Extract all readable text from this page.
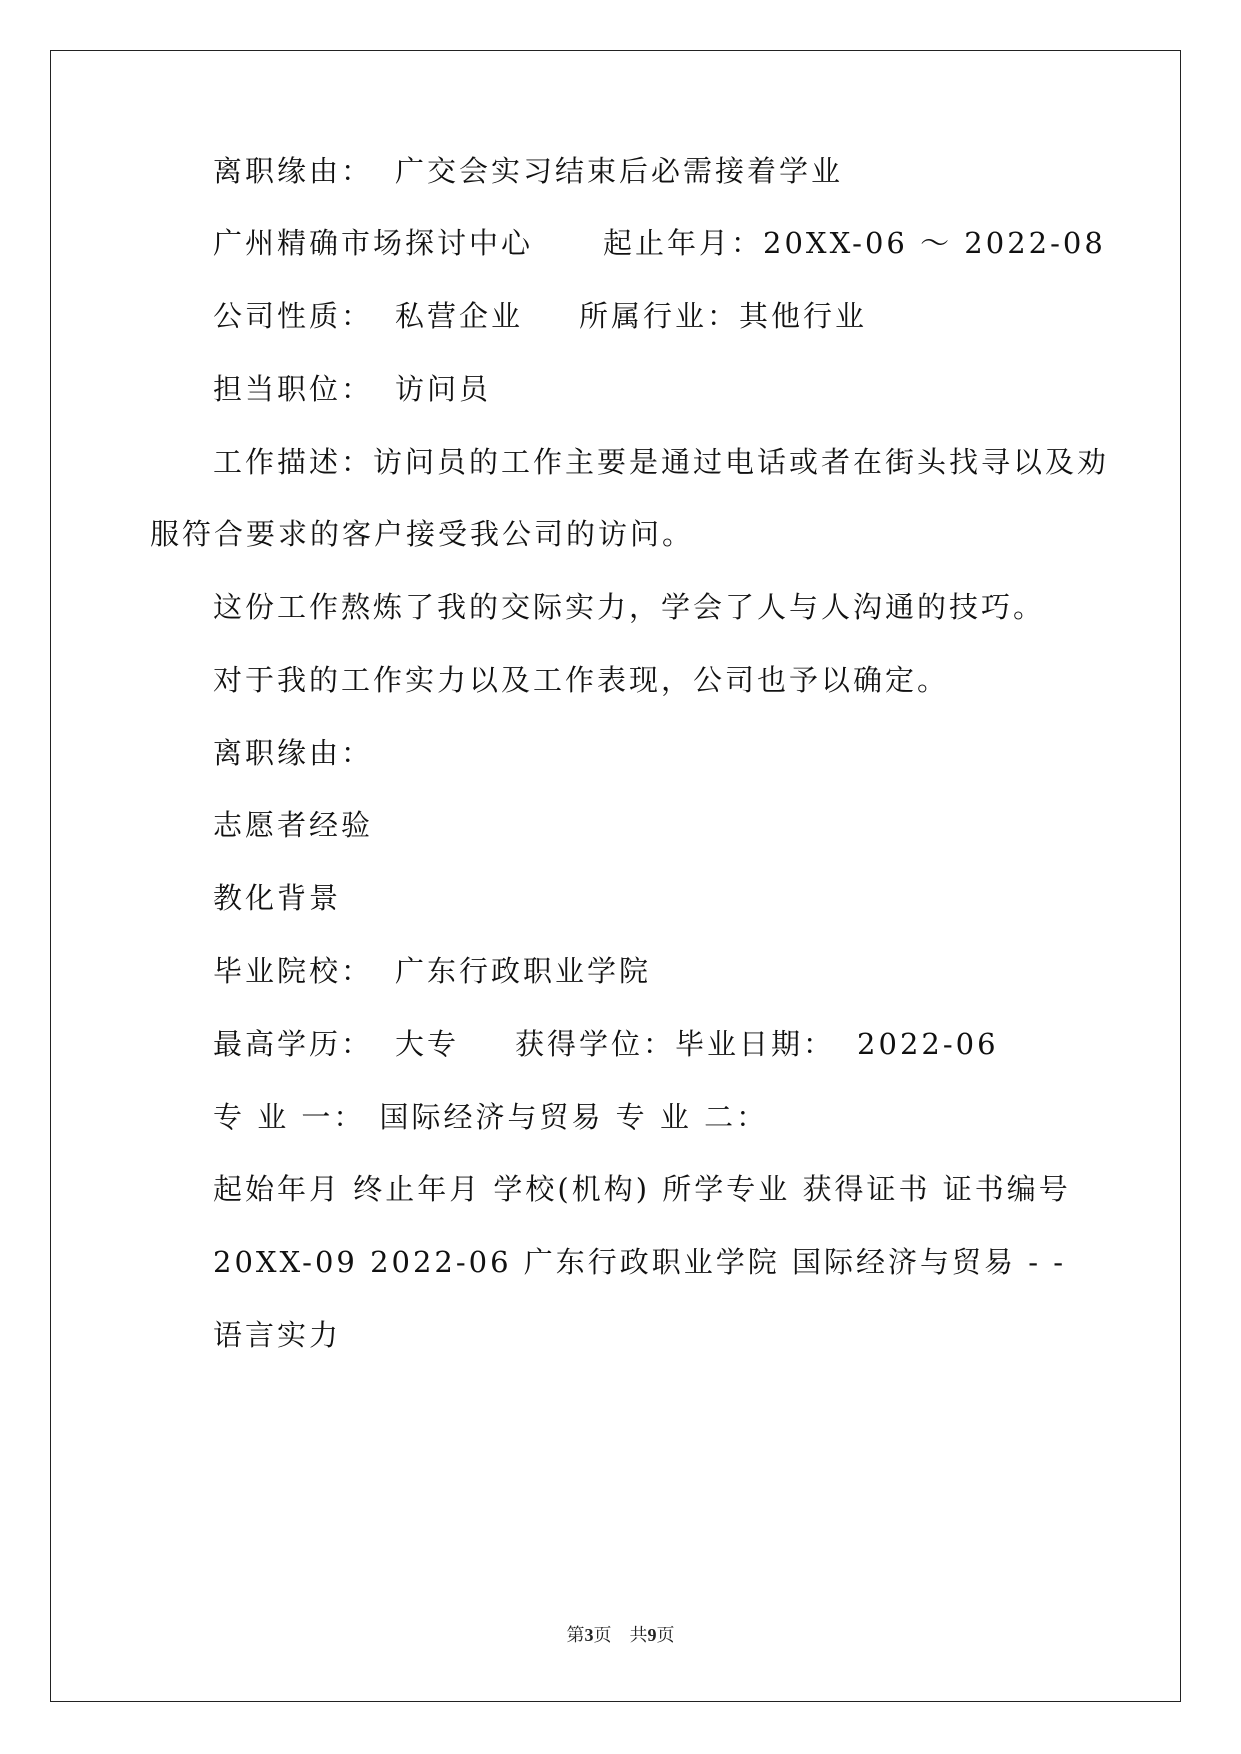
离职缘由： 广交会实习结束后必需接着学业
广州精确市场探讨中心 起止年月：20XX-06 ～ 2022-08
公司性质： 私营企业 所属行业：其他行业
担当职位： 访问员
工作描述：访问员的工作主要是通过电话或者在街头找寻以及劝
服符合要求的客户接受我公司的访问。
这份工作熬炼了我的交际实力，学会了人与人沟通的技巧。
对于我的工作实力以及工作表现，公司也予以确定。
离职缘由：
志愿者经验
教化背景
毕业院校： 广东行政职业学院
最高学历： 大专 获得学位：毕业日期： 2022-06
专 业 一： 国际经济与贸易 专 业 二：
起始年月 终止年月 学校(机构) 所学专业 获得证书 证书编号
20XX-09 2022-06 广东行政职业学院 国际经济与贸易 - -
语言实力
第3页　共9页
